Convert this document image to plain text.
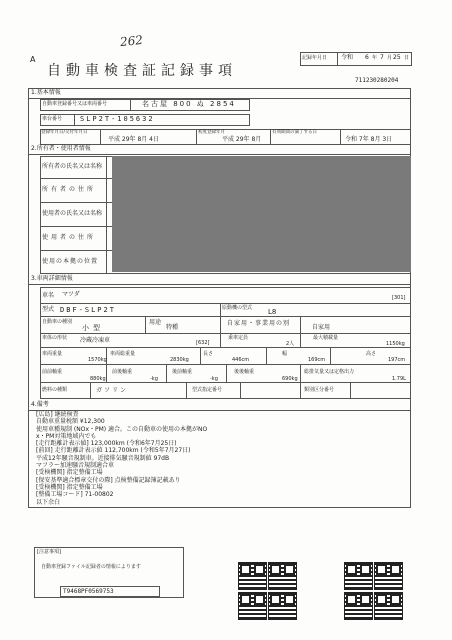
262
A
自動車検査証記録事項
記録年月日 令和 6 年 7 月 25 日
711230280204
1.基本情報
自動車登録番号又は車両番号	名古屋 800 ぬ 2854
車台番号	SLP2T-105632
登録年月日/交付年月日
平成 29年 8月 4日
初度登録年月
平成 29年 8月
有効期間の満了する日
令和 7年 8月 3日
2.所有者・使用者情報
所有者の氏名又は名称
所有者の住所
使用者の氏名又は名称
使用者の住所
使用の本拠の位置
3.車両詳細情報
車名 マツダ	[301]
型式 DBF-SLP2T	原動機の型式 L8
自動車の種別
小型
用途
特種
自家用・事業用の別
自家用
車体の形状 冷蔵冷凍車	[632]
乗車定員
2人
最大積載量
1150kg
車両重量
1570kg
車両総重量
2830kg
長さ
446cm
幅
169cm
高さ
197cm
前前軸重
880kg
前後軸重
-kg
後前軸重
-kg
後後軸重
690kg
総排気量又は定格出力
1.79L
燃料の種類	ガソリン	型式指定番号	類別区分番号
4.備考
[広島] 継続検査
自動車重量税額 ¥12,300
使用車種規制 (NOx・PM) 適合。この自動車の使用の本拠がNO
x・PM対策地域内でも
[走行距離計表示値] 123,000km (令和6年7月25日)
[前回] 走行距離計表示値 112,700km (令和5年7月27日)
平成12年騒音規制車。近接排気騒音規制値 97dB
マフラー加速騒音規制適合車
[受検機関] 指定整備工場
[保安基準適合標章交付の際] 点検整備記録簿記載あり
[受検機関] 指定整備工場
[整備工場コード] 71-00802
以下余白
[注意事項]
自動車登録ファイル記録者の情報によります
T9468PF0569753
